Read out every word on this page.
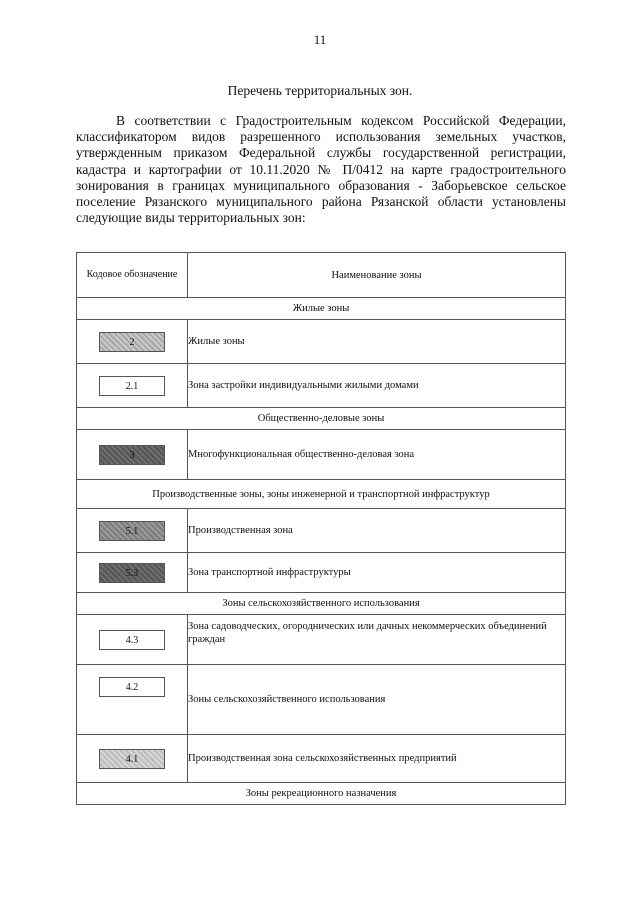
11
Перечень территориальных зон.
В соответствии с Градостроительным кодексом Российской Федерации, классификатором видов разрешенного использования земельных участков, утвержденным приказом Федеральной службы государственной регистрации, кадастра и картографии от 10.11.2020 № П/0412 на карте градостроительного зонирования в границах муниципального образования - Заборьевское сельское поселение Рязанского муниципального района Рязанской области установлены следующие виды территориальных зон:
Кодовое обозначение	Наименование зоны
Жилые зоны	
2	Жилые зоны
2.1	Зона застройки индивидуальными жилыми домами
Общественно-деловые зоны	
3	Многофункциональная общественно-деловая зона
Производственные зоны, зоны инженерной и транспортной инфраструктур	
5.1	Производственная зона
5.3	Зона транспортной инфраструктуры
Зоны сельскохозяйственного использования	
4.3	Зона садоводческих, огороднических или дачных некоммерческих объединений граждан
4.2	Зоны сельскохозяйственного использования
4.1	Производственная зона сельскохозяйственных предприятий
Зоны рекреационного назначения	
